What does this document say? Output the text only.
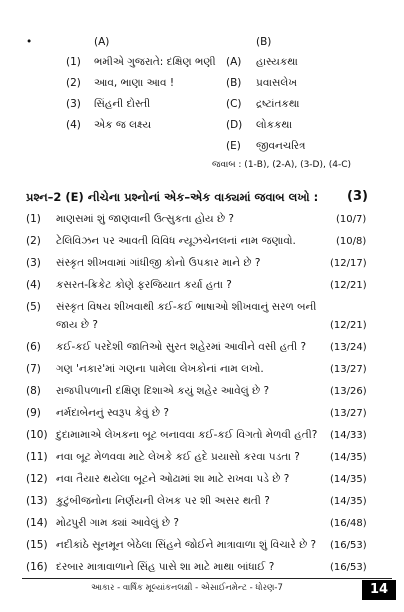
•	(A)	(B)
(1) ભમીએ ગુજરાતે: દક્ષિણ ભણી (A) હાસ્યકથા
(2) આવ, ભાણા આવ !	(B) પ્રવાસલેખ
(3) સિંહની દોસ્તી	(C) દ્રષ્ટાંતકથા
(4) એક જ લક્ષ્ય	(D) લોકકથા
(E) જીવનચરિત્ર
જવાબ : (1-B), (2-A), (3-D), (4-C)
પ્રશ્ન–2 (E) નીચેના પ્રશ્નોનાં એક–એક વાક્યમાં જવાબ લખો : (3)
(1) માણસમાં શું જાણવાની ઉત્સુકતા હોય છે ?	(10/7)
(2) ટેલિવિઝન પર આવતી વિવિધ ન્યૂઝચેનલનાં નામ જણાવો.	(10/8)
(3) સંસ્કૃત શીખવામાં ગાંધીજી કોનો ઉપકાર માને છે ?	(12/17)
(4) કસરત-ક્રિકેટ કોણે ફરજિયાત કર્યા હતા ?	(12/21)
(5) સંસ્કૃત વિષય શીખવાથી કઈ-કઈ ભાષાઓ શીખવાનું સરળ બની
જાય છે ?	(12/21)
(6) કઈ-કઈ પરદેશી જાતિઓ સુરત શહેરમાં આવીને વસી હતી ? (13/24)
(7) ગણ 'નકાર'માં ગણના પામેલા લેખકોનાં નામ લખો.	(13/27)
(8) રાજપીપળાની દક્ષિણ દિશાએ કયું શહેર આવેલું છે ?	(13/26)
(9) નર્મદાબેનનું સ્વરૂપ કેવું છે ?	(13/27)
(10) દુદામામાએ લેખકના બૂટ બનાવવા કઈ-કઈ વિગતો મેળવી હતી? (14/33)
(11) નવા બૂટ મેળવવા માટે લેખકે કઈ હદે પ્રયાસો કરવા પડતા ?	(14/35)
(12) નવા તૈયાર થયેલા બૂટને ઓઢામાં શા માટે રાખવા પડે છે ?	(14/35)
(13) કુટુંબીજનોના નિર્ણયની લેખક પર શી અસર થતી ?	(14/35)
(14) મોઢપુરી ગામ ક્યાં આવેલું છે ?	(16/48)
(15) નદીકાંઠે સૂનમૂન બેઠેલા સિંહને જોઈને માત્રાવાળા શું વિચારે છે ? (16/53)
(16) દરબાર માત્રાવાળાને સિંહ પાસે શા માટે માથા બાંધાઈ ?	(16/53)
આકાર - વાર્ષિક મૂલ્યાંકનલક્ષી - એસાઈનમેન્ટ - ધોરણ-7	14
